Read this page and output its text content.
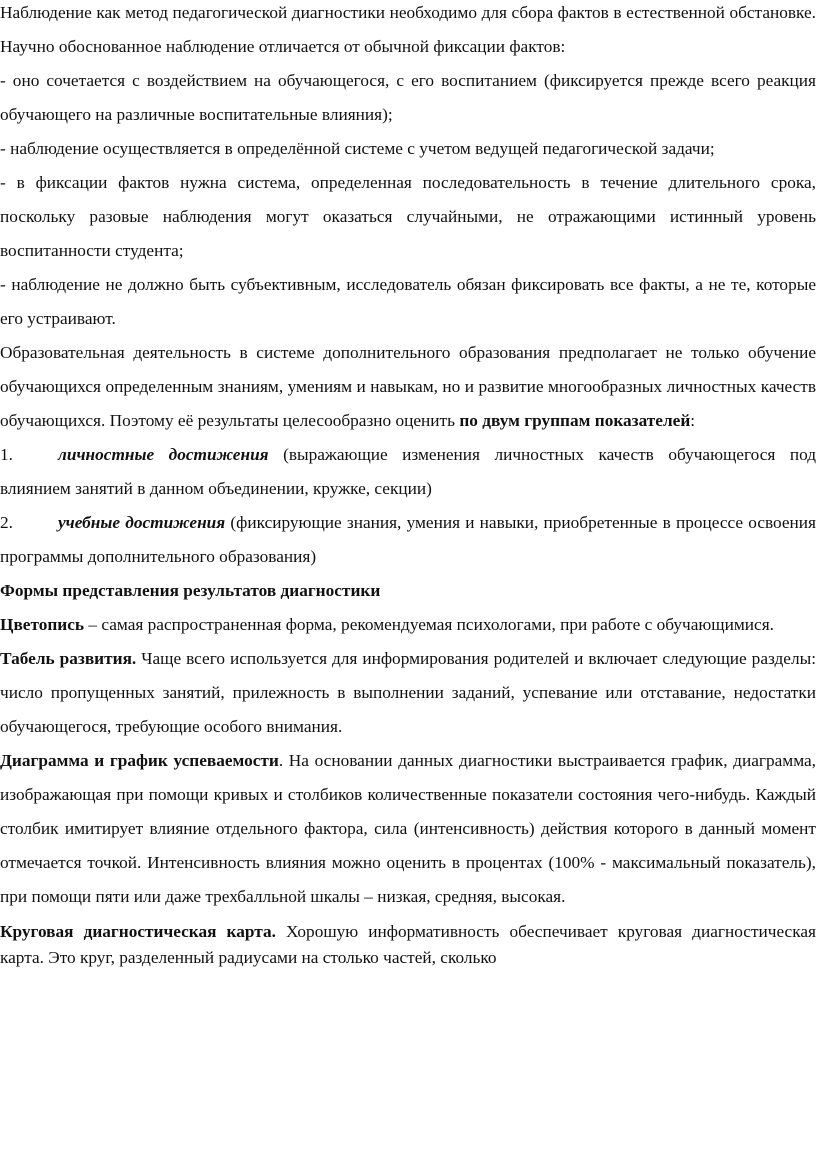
Наблюдение как метод педагогической диагностики необходимо для сбора фактов в естественной обстановке. Научно обоснованное наблюдение отличается от обычной фиксации фактов:

- оно сочетается с воздействием на обучающегося, с его воспитанием (фиксируется прежде всего реакция обучающего на различные воспитательные влияния);

- наблюдение осуществляется в определённой системе с учетом ведущей педагогической задачи;

- в фиксации фактов нужна система, определенная последовательность в течение длительного срока, поскольку разовые наблюдения могут оказаться случайными, не отражающими истинный уровень воспитанности студента;

- наблюдение не должно быть субъективным, исследователь обязан фиксировать все факты, а не те, которые его устраивают.

Образовательная деятельность в системе дополнительного образования предполагает не только обучение обучающихся определенным знаниям, умениям и навыкам, но и развитие многообразных личностных качеств обучающихся. Поэтому её результаты целесообразно оценить по двум группам показателей:

1.	личностные достижения (выражающие изменения личностных качеств обучающегося под влиянием занятий в данном объединении, кружке, секции)

2.	учебные достижения (фиксирующие знания, умения и навыки, приобретенные в процессе освоения программы дополнительного образования)

Формы представления результатов диагностики

Цветопись – самая распространенная форма, рекомендуемая психологами, при работе с обучающимися.

Табель развития. Чаще всего используется для информирования родителей и включает следующие разделы: число пропущенных занятий, прилежность в выполнении заданий, успевание или отставание, недостатки обучающегося, требующие особого внимания.

Диаграмма и график успеваемости. На основании данных диагностики выстраивается график, диаграмма, изображающая при помощи кривых и столбиков количественные показатели состояния чего-нибудь. Каждый столбик имитирует влияние отдельного фактора, сила (интенсивность) действия которого в данный момент отмечается точкой. Интенсивность влияния можно оценить в процентах (100% - максимальный показатель), при помощи пяти или даже трехбалльной шкалы – низкая, средняя, высокая.

Круговая диагностическая карта. Хорошую информативность обеспечивает круговая диагностическая карта. Это круг, разделенный радиусами на столько частей, сколько
